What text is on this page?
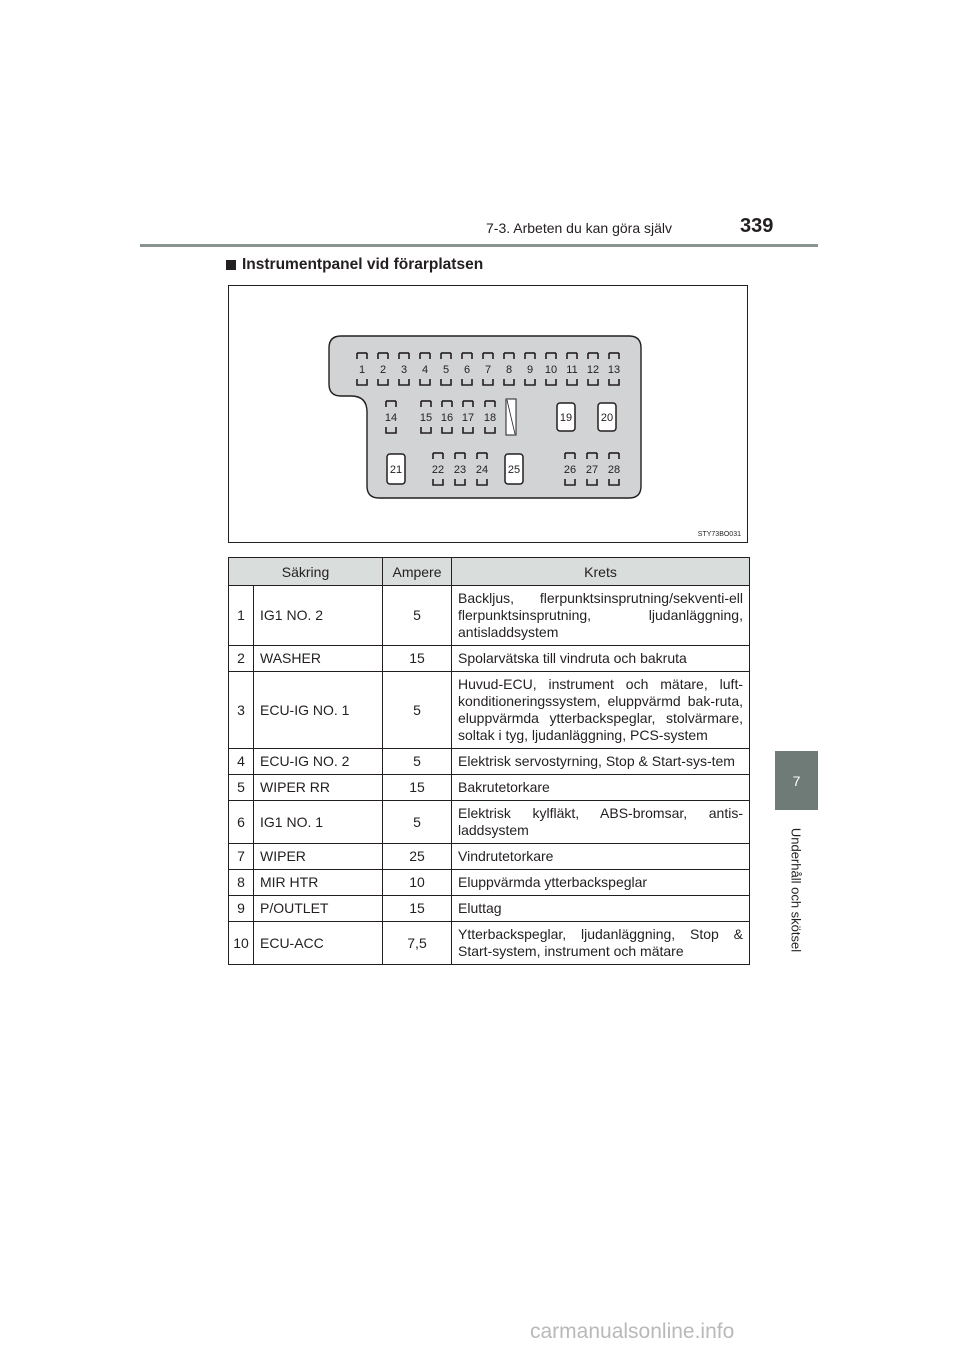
7-3. Arbeten du kan göra själv	339
7
Underhåll och skötsel
Instrumentpanel vid förarplatsen
1 2 3 4 5 6 7 8 9 10 11 12 13
14 15 16 17 18	19	20
21	22 23 24 25	26 27 28
STY73BO031
Säkring		Ampere	Krets
1	IG1 NO. 2	5	Backljus, flerpunktsinsprutning/sekventi-ell flerpunktsinsprutning, ljudanläggning, antisladdsystem
2	WASHER	15	Spolarvätska till vindruta och bakruta
3	ECU-IG NO. 1	5	Huvud-ECU, instrument och mätare, luft-konditioneringssystem, eluppvärmd bak-ruta, eluppvärmda ytterbackspeglar, stolvärmare, soltak i tyg, ljudanläggning, PCS-system
4	ECU-IG NO. 2	5	Elektrisk servostyrning, Stop & Start-sys-tem
5	WIPER RR	15	Bakrutetorkare
6	IG1 NO. 1	5	Elektrisk kylfläkt, ABS-bromsar, antis-laddsystem
7	WIPER	25	Vindrutetorkare
8	MIR HTR	10	Eluppvärmda ytterbackspeglar
9	P/OUTLET	15	Eluttag
10	ECU-ACC	7,5	Ytterbackspeglar, ljudanläggning, Stop & Start-system, instrument och mätare
carmanualsonline.info
